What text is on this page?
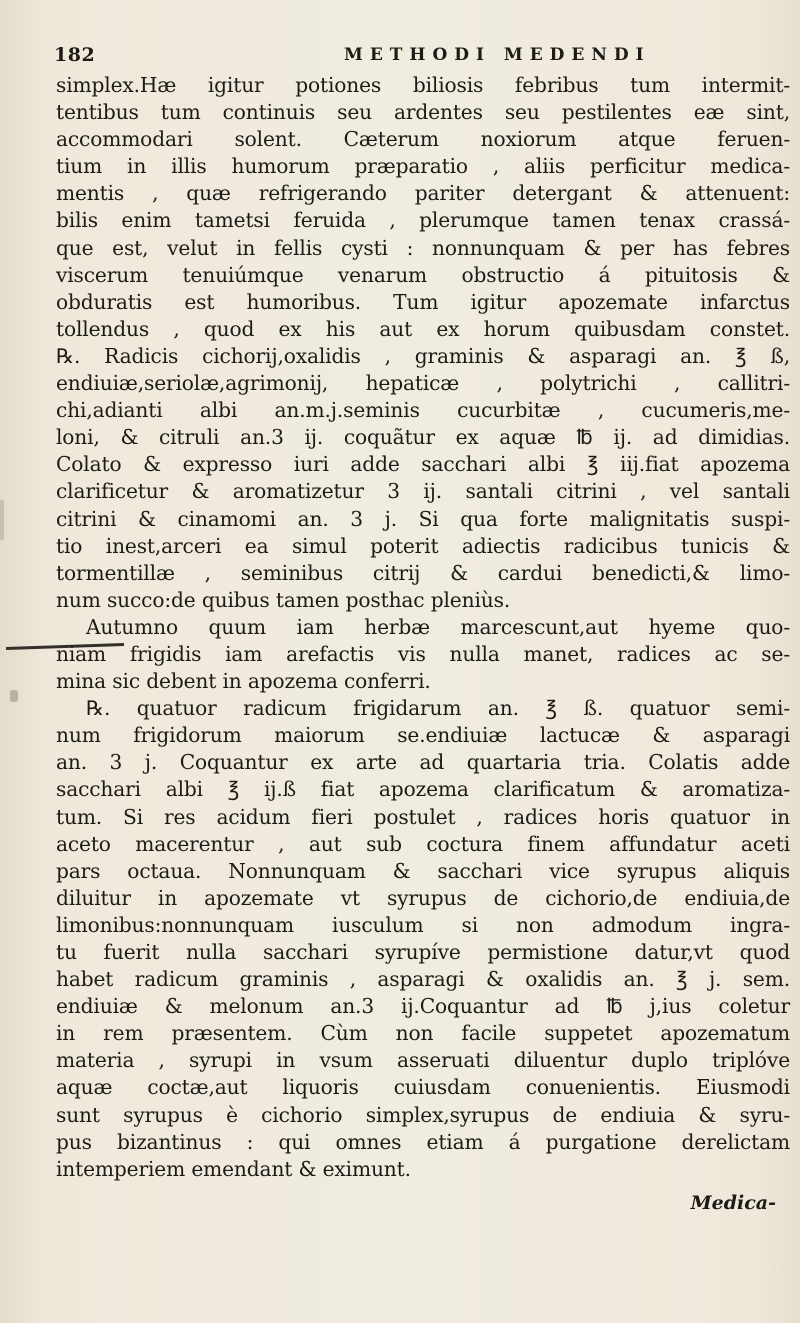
182	METHODI MEDENDI
simplex.Hæ igitur potiones biliosis febribus tum intermit-
tentibus tum continuis seu ardentes seu pestilentes eæ sint,
accommodari solent. Cæterum noxiorum atque feruen-
tium in illis humorum præparatio , aliis perficitur medica-
mentis , quæ refrigerando pariter detergant & attenuent:
bilis enim tametsi feruida , plerumque tamen tenax crassá-
que est, velut in fellis cysti : nonnunquam & per has febres
viscerum tenuiúmque venarum obstructio á pituitosis &
obduratis est humoribus. Tum igitur apozemate infarctus
tollendus , quod ex his aut ex horum quibusdam constet.
℞. Radicis cichorij,oxalidis , graminis & asparagi an. ℥ ß,
endiuiæ,seriolæ,agrimonij, hepaticæ , polytrichi , callitri-
chi,adianti albi an.m.j.seminis cucurbitæ , cucumeris,me-
loni, & citruli an.3 ij. coquãtur ex aquæ ℔ ij. ad dimidias.
Colato & expresso iuri adde sacchari albi ℥ iij.fiat apozema
clarificetur & aromatizetur 3 ij. santali citrini , vel santali
citrini & cinamomi an. 3 j. Si qua forte malignitatis suspi-
tio inest,arceri ea simul poterit adiectis radicibus tunicis &
tormentillæ , seminibus citrij & cardui benedicti,& limo-
num succo:de quibus tamen posthac pleniùs.
Autumno quum iam herbæ marcescunt,aut hyeme quo-
niam frigidis iam arefactis vis nulla manet, radices ac se-
mina sic debent in apozema conferri.
℞. quatuor radicum frigidarum an. ℥ ß. quatuor semi-
num frigidorum maiorum se.endiuiæ lactucæ & asparagi
an. 3 j. Coquantur ex arte ad quartaria tria. Colatis adde
sacchari albi ℥ ij.ß fiat apozema clarificatum & aromatiza-
tum. Si res acidum fieri postulet , radices horis quatuor in
aceto macerentur , aut sub coctura finem affundatur aceti
pars octaua. Nonnunquam & sacchari vice syrupus aliquis
diluitur in apozemate vt syrupus de cichorio,de endiuia,de
limonibus:nonnunquam iusculum si non admodum ingra-
tu fuerit nulla sacchari syrupíve permistione datur,vt quod
habet radicum graminis , asparagi & oxalidis an. ℥ j. sem.
endiuiæ & melonum an.3 ij.Coquantur ad ℔ j,ius coletur
in rem præsentem. Cùm non facile suppetet apozematum
materia , syrupi in vsum asseruati diluentur duplo triplóve
aquæ coctæ,aut liquoris cuiusdam conuenientis. Eiusmodi
sunt syrupus è cichorio simplex,syrupus de endiuia & syru-
pus bizantinus : qui omnes etiam á purgatione derelictam
intemperiem emendant & eximunt.
Medica-
